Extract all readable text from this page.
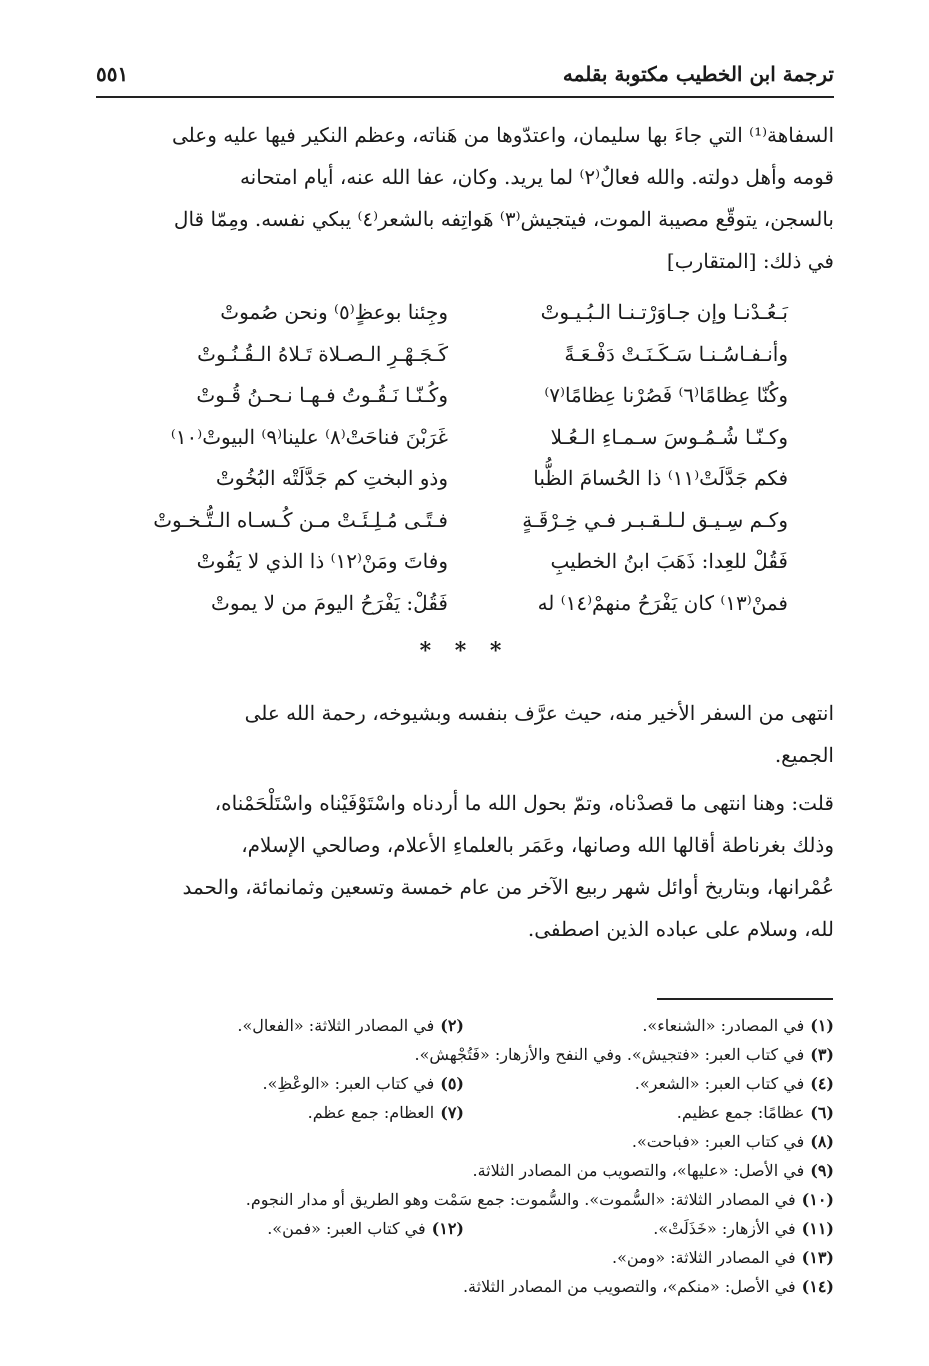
ترجمة ابن الخطيب مكتوبة بقلمه
٥٥١
السفاهة⁽¹⁾ التي جاءَ بها سليمان، واعتدّوها من هَناته، وعظم النكير فيها عليه وعلى
قومه وأهل دولته. والله فعالٌ⁽٢⁾ لما يريد. وكان، عفا الله عنه، أيام امتحانه
بالسجن، يتوقّع مصيبة الموت، فيتجيش⁽٣⁾ هَواتِفه بالشعر⁽٤⁾ يبكي نفسه. ومِمّا قال
في ذلك: [المتقارب]
بَـعُـدْنـا وإن جـاوَرْتـنـا الـبُـيـوتْ
وجِئنا بوعظٍ⁽٥⁾ ونحن صُموتْ
وأنـفـاسُـنـا سَـكَـنَـتْ دَفْـعَـةً
كَـجَـهْـرِ الـصـلاة تَـلاهُ الـقُـنُـوتْ
وكُنّا عِظامًا⁽٦⁾ فَصُرْنا عِظامًا⁽٧⁾
وكُـنّـا نَـقُـوتُ فـهـا نـحـنُ قُـوتْ
وكـنّـا شُـمُـوسَ سـمـاءِ الـعُـلا
غَرَبْنَ فناحَتْ⁽٨⁾ علينا⁽٩⁾ البيوتْ⁽١٠⁾
فكم جَدَّلَتْ⁽١١⁾ ذا الحُسامَ الظُّبا
وذو البختِ كم جَدَّلَتْه البُخُوتْ
وكـم سِـيـق لـلـقـبـر فـي خِـرْقَـةٍ
فـتًـى مُـلِـئَـتْ مـن كُـسـاه الـتُّـخـوتْ
فَقُلْ للعِدا: ذَهَبَ ابنُ الخطيبِ
وفاتَ ومَنْ⁽١٢⁾ ذا الذي لا يَفُوتْ
فمنْ⁽١٣⁾ كان يَفْرَحُ منهمْ⁽١٤⁾ له
فَقُلْ: يَفْرَحُ اليومَ من لا يموتْ
* * *
انتهى من السفر الأخير منه، حيث عرَّف بنفسه وبشيوخه، رحمة الله على
الجميع.
قلت: وهنا انتهى ما قصدْناه، وتمّ بحول الله ما أردناه واسْتَوْفَيْناه واسْتَلْحَمْناه،
وذلك بغرناطة أقالها الله وصانها، وعَمَر بالعلماءِ الأعلام، وصالحي الإسلام،
عُمْرانها، وبتاريخ أوائل شهر ربيع الآخر من عام خمسة وتسعين وثمانمائة، والحمد
لله، وسلام على عباده الذين اصطفى.
(١)في المصادر: «الشنعاء».
(٢)في المصادر الثلاثة: «الفعال».
(٣)في كتاب العبر: «فتجيش». وفي النفح والأزهار: «فَتُجْهش».
(٤)في كتاب العبر: «الشعر».
(٥)في كتاب العبر: «الوعْظِ».
(٦)عظامًا: جمع عظيم.
(٧)العظام: جمع عظم.
(٨)في كتاب العبر: «فباحت».
(٩)في الأصل: «عليها»، والتصويب من المصادر الثلاثة.
(١٠)في المصادر الثلاثة: «السُّموت». والسُّموت: جمع سَمْت وهو الطريق أو مدار النجوم.
(١١)في الأزهار: «خَذَلَتْ».
(١٢)في كتاب العبر: «فمن».
(١٣)في المصادر الثلاثة: «ومن».
(١٤)في الأصل: «منكم»، والتصويب من المصادر الثلاثة.
